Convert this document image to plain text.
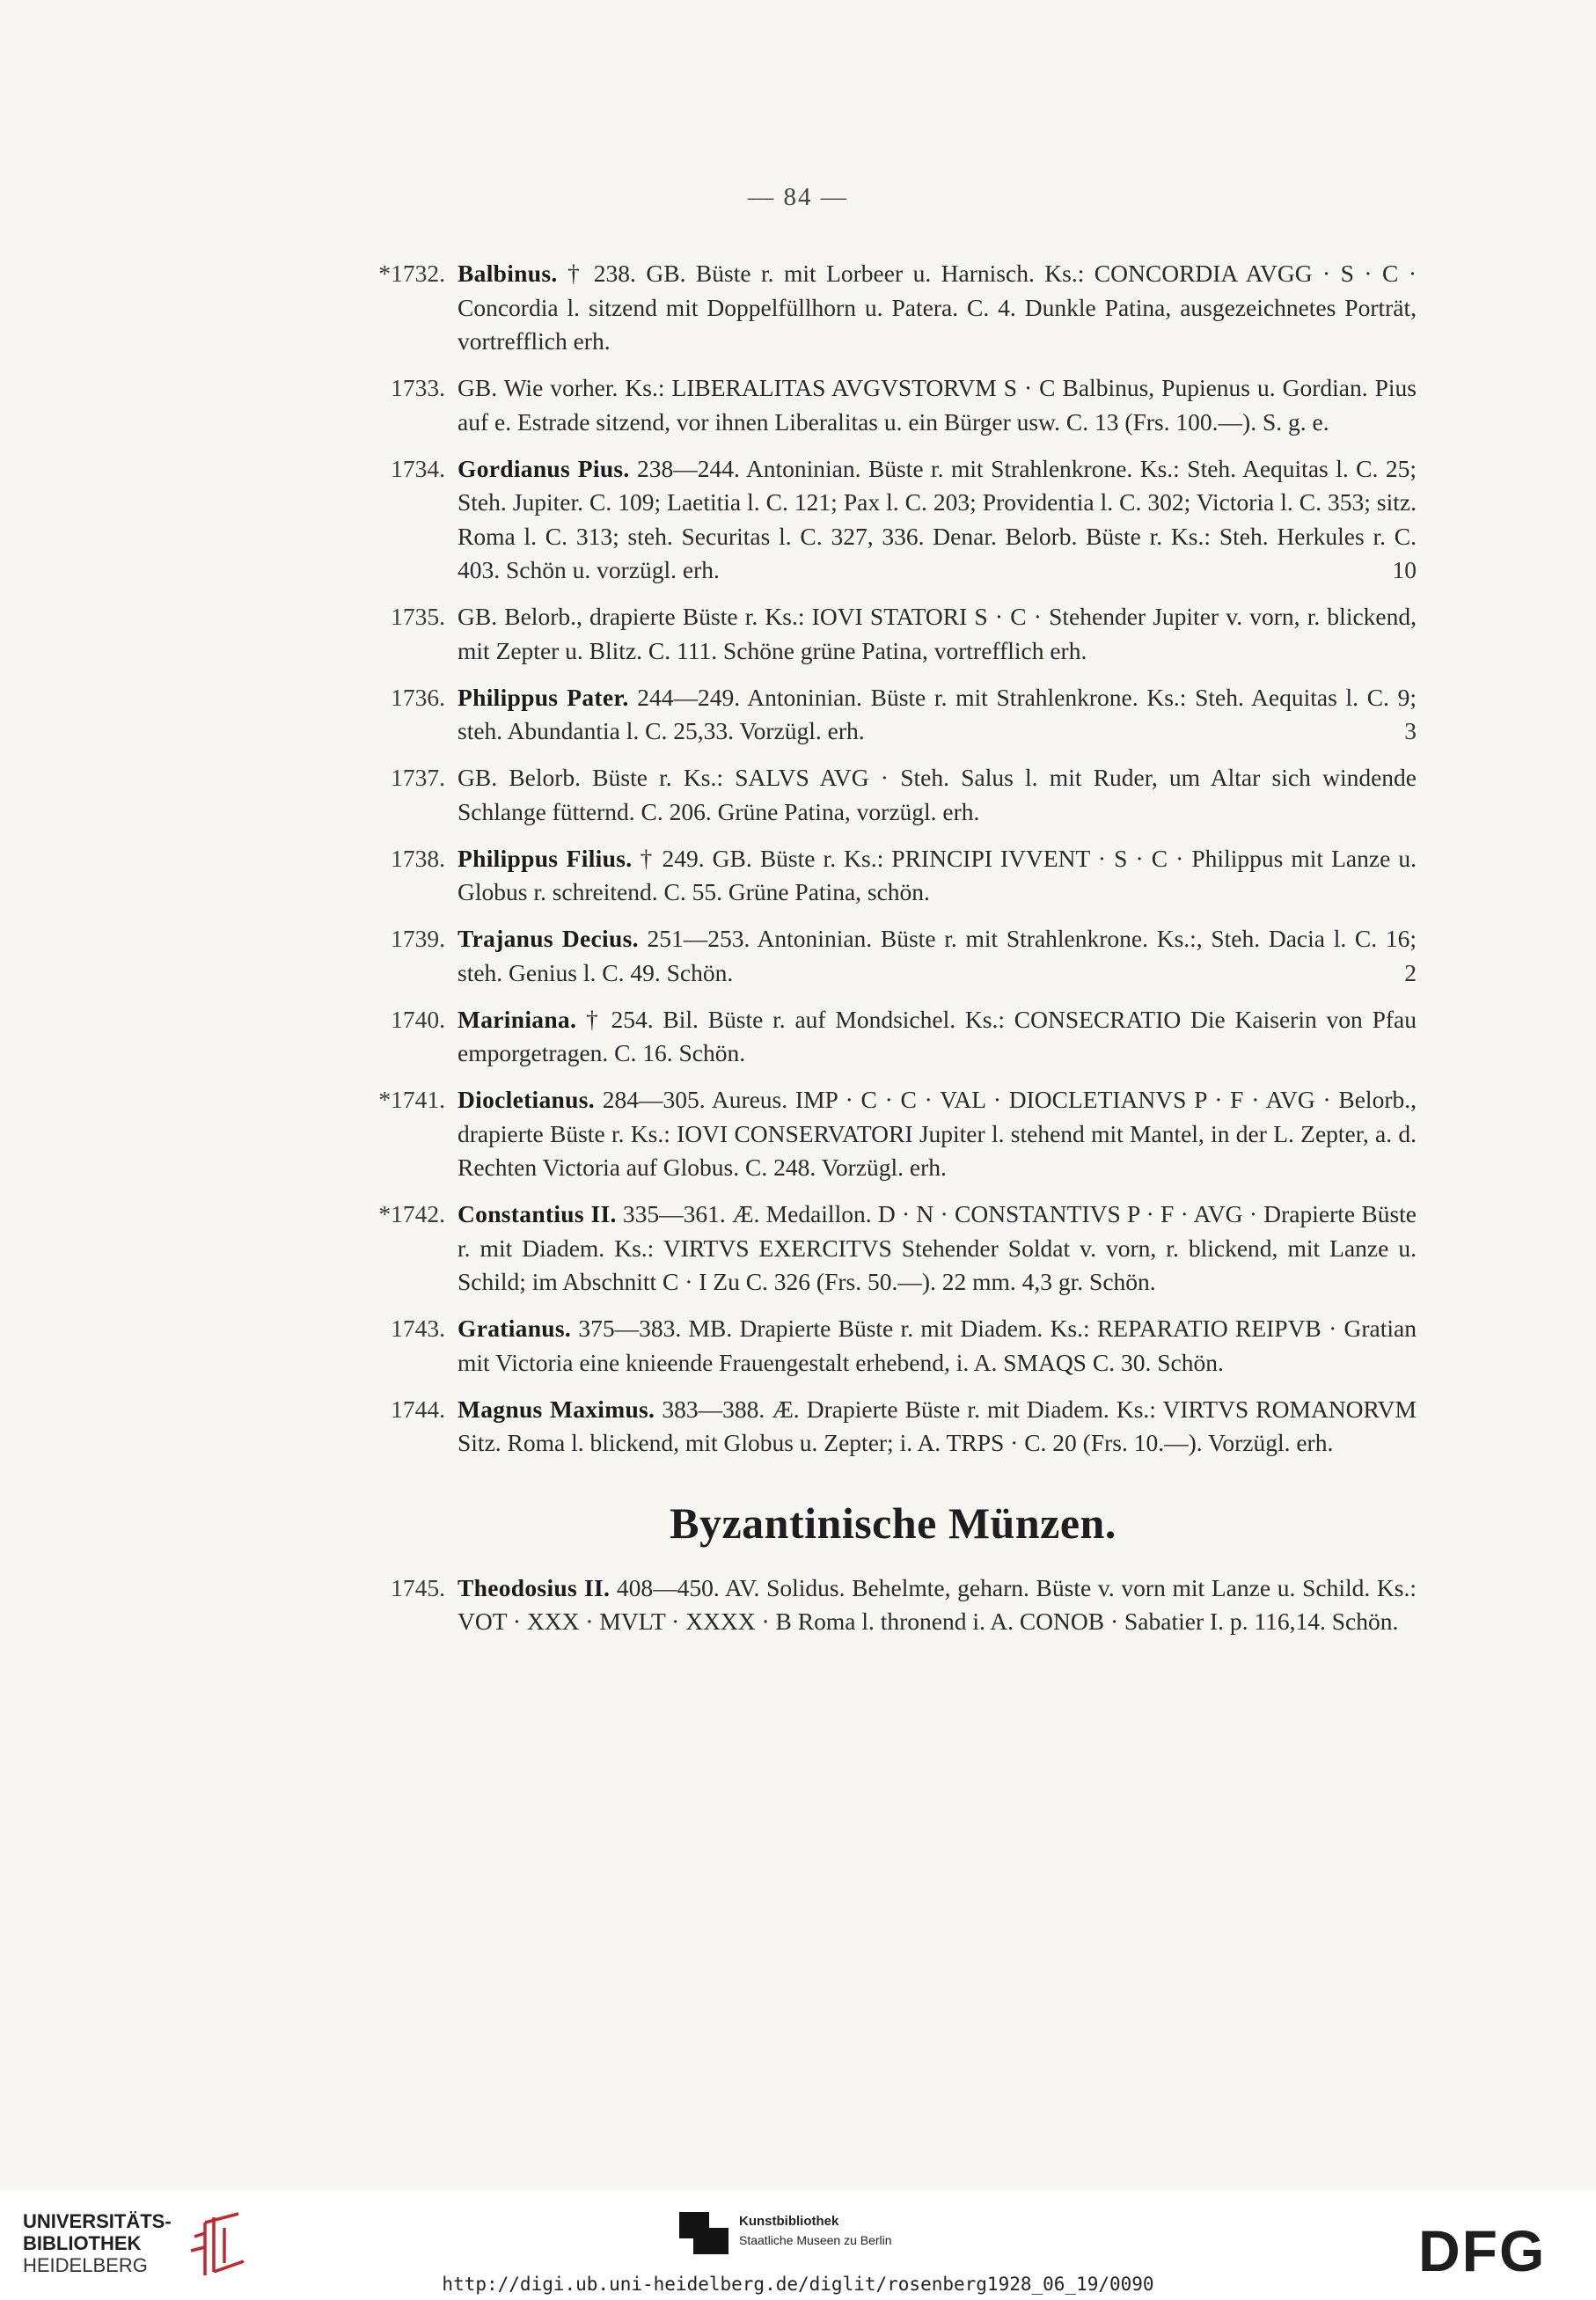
— 84 —
*1732. Balbinus. † 238. GB. Büste r. mit Lorbeer u. Harnisch. Ks.: CONCORDIA AVGG · S · C · Concordia l. sitzend mit Doppelfüllhorn u. Patera. C. 4. Dunkle Patina, ausgezeichnetes Porträt, vortrefflich erh.
1733. GB. Wie vorher. Ks.: LIBERALITAS AVGVSTORVM S · C Balbinus, Pupienus u. Gordian. Pius auf e. Estrade sitzend, vor ihnen Liberalitas u. ein Bürger usw. C. 13 (Frs. 100.—). S. g. e.
1734. Gordianus Pius. 238—244. Antoninian. Büste r. mit Strahlenkrone. Ks.: Steh. Aequitas l. C. 25; Steh. Jupiter. C. 109; Laetitia l. C. 121; Pax l. C. 203; Providentia l. C. 302; Victoria l. C. 353; sitz. Roma l. C. 313; steh. Securitas l. C. 327, 336. Denar. Belorb. Büste r. Ks.: Steh. Herkules r. C. 403. Schön u. vorzügl. erh.	10
1735. GB. Belorb., drapierte Büste r. Ks.: IOVI STATORI S · C · Stehender Jupiter v. vorn, r. blickend, mit Zepter u. Blitz. C. 111. Schöne grüne Patina, vortrefflich erh.
1736. Philippus Pater. 244—249. Antoninian. Büste r. mit Strahlenkrone. Ks.: Steh. Aequitas l. C. 9; steh. Abundantia l. C. 25,33. Vorzügl. erh.	3
1737. GB. Belorb. Büste r. Ks.: SALVS AVG · Steh. Salus l. mit Ruder, um Altar sich windende Schlange fütternd. C. 206. Grüne Patina, vorzügl. erh.
1738. Philippus Filius. † 249. GB. Büste r. Ks.: PRINCIPI IVVENT · S · C · Philippus mit Lanze u. Globus r. schreitend. C. 55. Grüne Patina, schön.
1739. Trajanus Decius. 251—253. Antoninian. Büste r. mit Strahlenkrone. Ks.:, Steh. Dacia l. C. 16; steh. Genius l. C. 49. Schön.	2
1740. Mariniana. † 254. Bil. Büste r. auf Mondsichel. Ks.: CONSECRATIO Die Kaiserin von Pfau emporgetragen. C. 16. Schön.
*1741. Diocletianus. 284—305. Aureus. IMP · C · C · VAL · DIOCLETIANVS P · F · AVG · Belorb., drapierte Büste r. Ks.: IOVI CONSERVATORI Jupiter l. stehend mit Mantel, in der L. Zepter, a. d. Rechten Victoria auf Globus. C. 248. Vorzügl. erh.
*1742. Constantius II. 335—361. Æ. Medaillon. D · N · CONSTANTIVS P · F · AVG · Drapierte Büste r. mit Diadem. Ks.: VIRTVS EXERCITVS Stehender Soldat v. vorn, r. blickend, mit Lanze u. Schild; im Abschnitt C · I Zu C. 326 (Frs. 50.—). 22 mm. 4,3 gr. Schön.
1743. Gratianus. 375—383. MB. Drapierte Büste r. mit Diadem. Ks.: REPARATIO REIPVB · Gratian mit Victoria eine knieende Frauengestalt erhebend, i. A. SMAQS C. 30. Schön.
1744. Magnus Maximus. 383—388. Æ. Drapierte Büste r. mit Diadem. Ks.: VIRTVS ROMANORVM Sitz. Roma l. blickend, mit Globus u. Zepter; i. A. TRPS · C. 20 (Frs. 10.—). Vorzügl. erh.
Byzantinische Münzen.
1745. Theodosius II. 408—450. AV. Solidus. Behelmte, geharn. Büste v. vorn mit Lanze u. Schild. Ks.: VOT · XXX · MVLT · XXXX · B Roma l. thronend i. A. CONOB · Sabatier I. p. 116,14. Schön.
UNIVERSITÄTS-
BIBLIOTHEK
HEIDELBERG

Kunstbibliothek
Staatliche Museen zu Berlin	DFG
http://digi.ub.uni-heidelberg.de/diglit/rosenberg1928_06_19/0090
